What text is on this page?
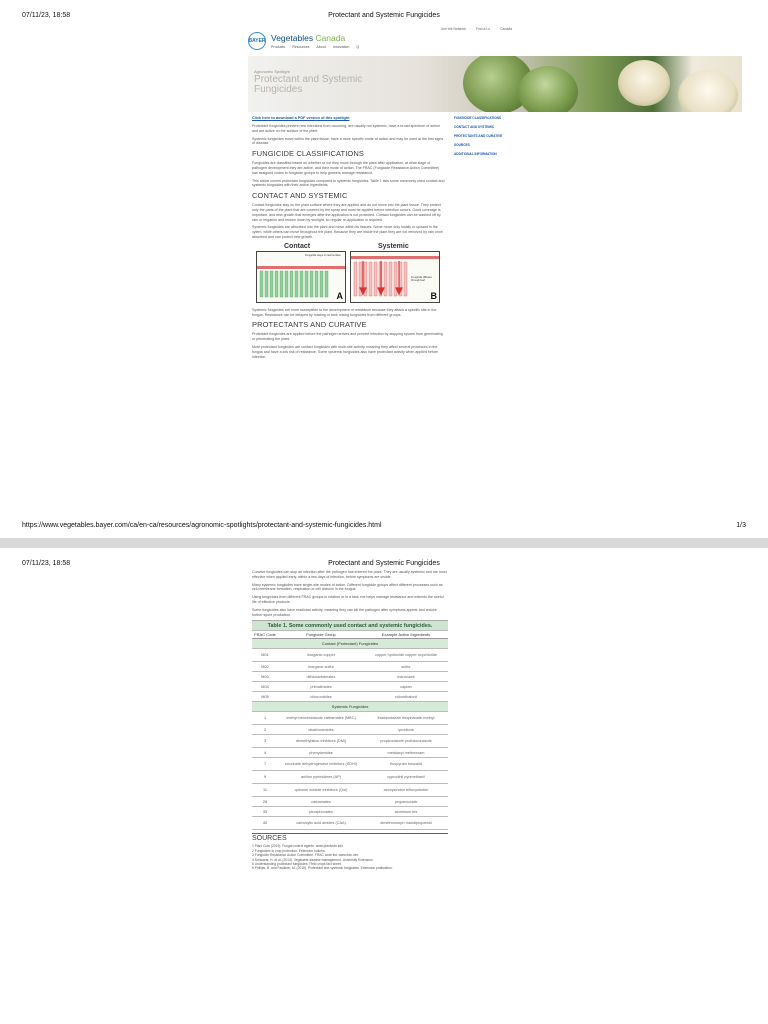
07/11/23, 18:58	Protectant and Systemic Fungicides
Join the Network	Find a Lo	Canada
BAYER Vegetables Canada
Products Resources About Innovation Q
Agronomic Spotlight
Protectant and Systemic
Fungicides
FUNGICIDE CLASSIFICATIONS
CONTACT AND SYSTEMIC
PROTECTANTS AND CURATIVE
SOURCES
ADDITIONAL INFORMATION
Click here to download a PDF version of this spotlight

Protectant fungicides prevent new infections from occurring, are usually not systemic, have a broad spectrum of action and are active on the surface of the plant.

Systemic fungicides move within the plant tissue, have a more specific mode of action and may be used at the first signs of disease.

FUNGICIDE CLASSIFICATIONS

Fungicides are classified based on whether or not they move through the plant after application, at what stage of pathogen development they are active, and their mode of action. The FRAC (Fungicide Resistance Action Committee) has assigned codes to fungicide groups to help growers manage resistance.

This article covers protectant fungicides compared to systemic fungicides. Table 1 lists some commonly used contact and systemic fungicides with their active ingredients.

CONTACT AND SYSTEMIC

Contact fungicides stay on the plant surface where they are applied and do not move into the plant tissue. They protect only the parts of the plant that are covered by the spray and must be applied before infection occurs. Good coverage is important, and new growth that emerges after the application is not protected. Contact fungicides can be washed off by rain or irrigation and broken down by sunlight, so regular re-application is required.

Systemic fungicides are absorbed into the plant and move within its tissues. Some move only locally or upward in the xylem, while others can move throughout the plant. Because they are inside the plant they are not removed by rain once absorbed and can protect new growth.

Contact	Systemic
Fungicide stays on leaf surface
A
Fungicide diffuses through leaf
B

Systemic fungicides are more susceptible to the development of resistance because they attack a specific site in the fungus. Resistance can be delayed by rotating or tank mixing fungicides from different groups.

PROTECTANTS AND CURATIVE

Protectant fungicides are applied before the pathogen arrives and prevent infection by stopping spores from germinating or penetrating the plant.

Most protectant fungicides are contact fungicides with multi-site activity, meaning they affect several processes in the fungus and have a low risk of resistance. Some systemic fungicides also have protectant activity when applied before infection.

https://www.vegetables.bayer.com/ca/en-ca/resources/agronomic-spotlights/protectant-and-systemic-fungicides.html	1/3
07/11/23, 18:58	Protectant and Systemic Fungicides

Curative fungicides can stop an infection after the pathogen has entered the plant. They are usually systemic and are most effective when applied early, within a few days of infection, before symptoms are visible.

Many systemic fungicides have single-site modes of action. Different fungicide groups affect different processes such as cell membrane formation, respiration or cell division in the fungus.

Using fungicides from different FRAC groups in rotation or in a tank mix helps manage resistance and extends the useful life of effective products.

Some fungicides also have eradicant activity, meaning they can kill the pathogen after symptoms appear and reduce further spore production.

Table 1. Some commonly used contact and systemic fungicides.		
FRAC Code	Fungicide Group	Example Active Ingredients
Contact (Protectant) Fungicides		
M01	inorganic copper	copper hydroxide copper oxychloride
M02	inorganic sulfur	sulfur
M03	dithiocarbamates	mancozeb
M04	phthalimides	captan
M05	chloronitriles	chlorothalonil
Systemic Fungicides		
1	methyl benzimidazole carbamates (MBC)	thiabendazole thiophanate-methyl
2	dicarboximides	iprodione
3	demethylation inhibitors (DMI)	propiconazole prothioconazole
4	phenylamides	metalaxyl mefenoxam
7	succinate dehydrogenase inhibitors (SDHI)	fluopyram boscalid
9	anilino pyrimidines (AP)	cyprodinil pyrimethanil
11	quinone outside inhibitors (QoI)	azoxystrobin trifloxystrobin
28	carbamates	propamocarb
33	phosphonates	aluminum tris
40	carboxylic acid amides (CAA)	dimethomorph mandipropamid
SOURCES
1 Plant Cuts (2019). Fungal control agents. www.plantcuts.info
2 Fungicides in crop protection. Extension bulletin.
3 Fungicide Resistance Action Committee. FRAC code list. www.frac.info
4 Schwartz, H. et al. (2013). Vegetable disease management. University Extension.
5 Understanding protectant fungicides. Field crops fact sheet.
6 Phillips, B. and Faulkner, M. (2016). Protectant and systemic fungicides. Extension publication.
